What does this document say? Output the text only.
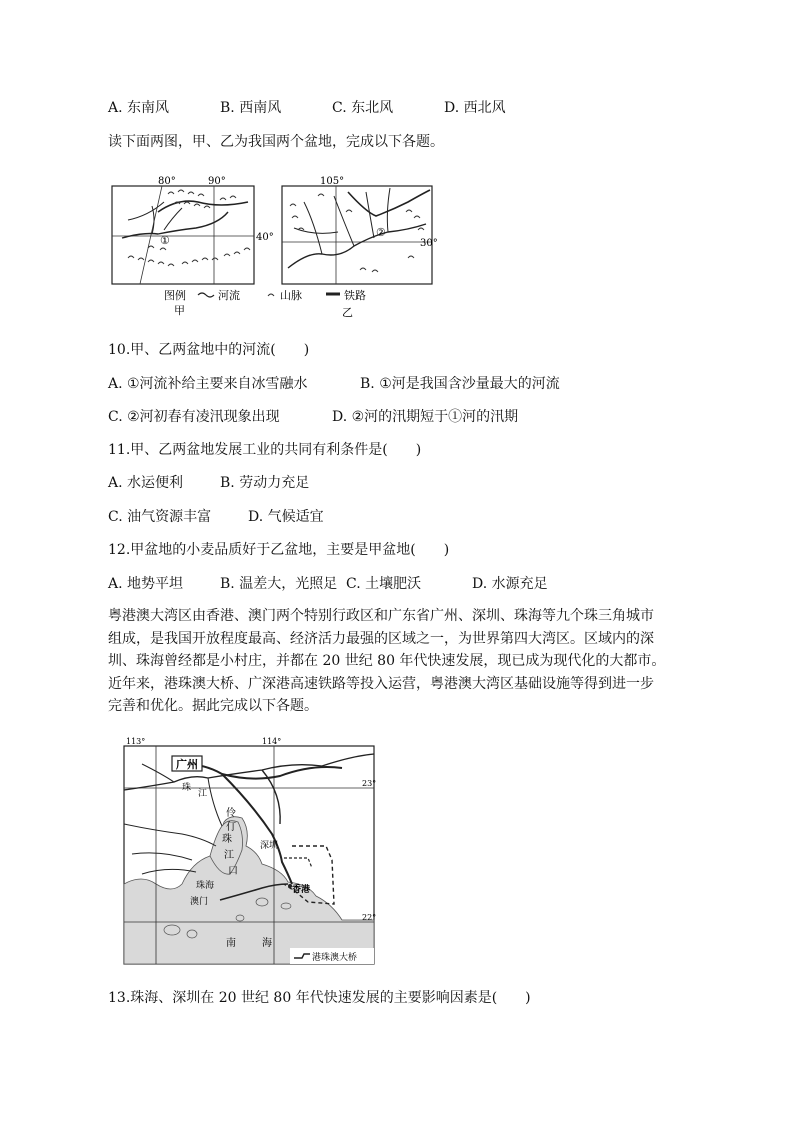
A. 东南风	B. 西南风	C. 东北风	D. 西北风
读下面两图，甲、乙为我国两个盆地，完成以下各题。
80°	90°
40°
①
105°
30°
②
图例	河流	山脉	铁路
甲	乙
10.甲、乙两盆地中的河流(　　)
A. ①河流补给主要来自冰雪融水	B. ①河是我国含沙量最大的河流
C. ②河初春有凌汛现象出现	D. ②河的汛期短于①河的汛期
11.甲、乙两盆地发展工业的共同有利条件是(　　)
A. 水运便利	B. 劳动力充足
C. 油气资源丰富	D. 气候适宜
12.甲盆地的小麦品质好于乙盆地，主要是甲盆地(　　)
A. 地势平坦	B. 温差大，光照足 C. 土壤肥沃	D. 水源充足

粤港澳大湾区由香港、澳门两个特别行政区和广东省广州、深圳、珠海等九个珠三角城市

组成，是我国开放程度最高、经济活力最强的区域之一，为世界第四大湾区。区域内的深

圳、珠海曾经都是小村庄，并都在 20 世纪 80 年代快速发展，现已成为现代化的大都市。

近年来，港珠澳大桥、广深港高速铁路等投入运营，粤港澳大湾区基础设施等得到进一步

完善和优化。据此完成以下各题。

113°	114°
23°
22°
广州
珠
江
伶
仃
珠
江
口
深圳
珠海
澳门
香港
南	海
港珠澳大桥
13.珠海、深圳在 20 世纪 80 年代快速发展的主要影响因素是(　　)
